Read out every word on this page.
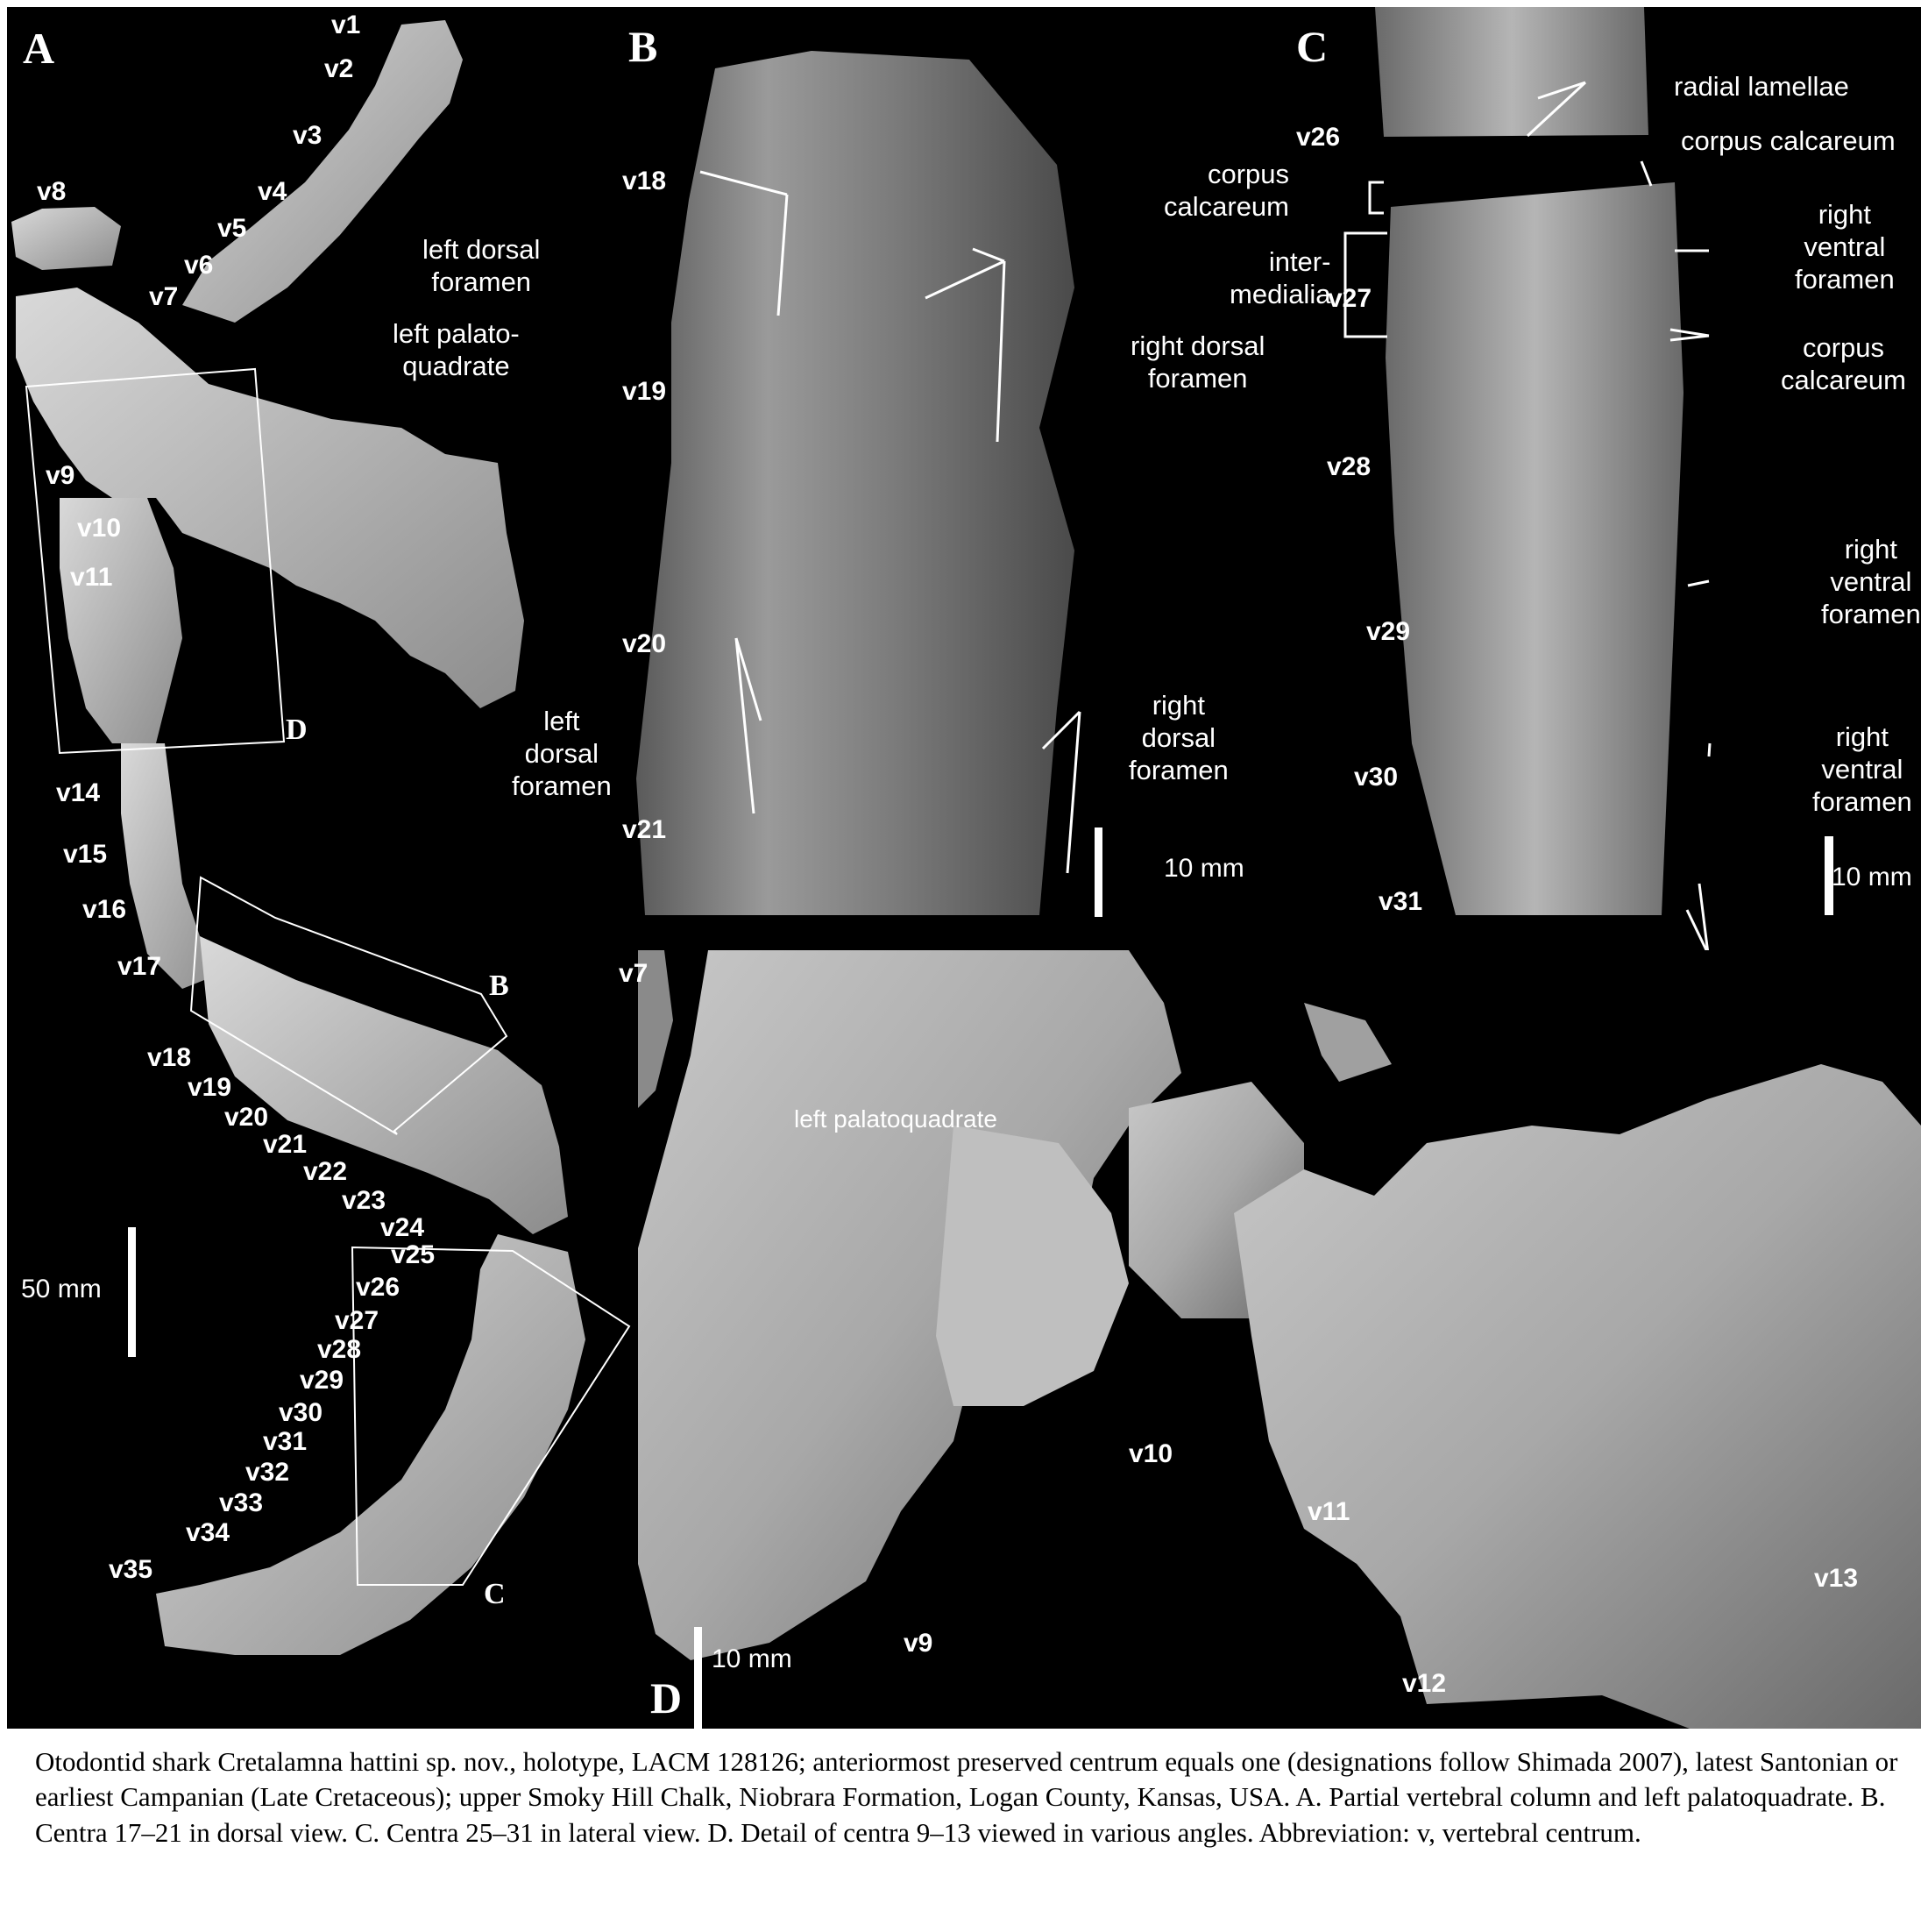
A	v1
v2
v3
v4
v5
v6
v7
v8
v9
v10
v11
v14
v15
v16
v17
v18
v19
v20
v21
v22
v23
v24
v25
v26
v27
v28
v29
v30
v31
v32
v33
v34
v35
left palato-
quadrate
50 mm
D
B
C
B
v18
v19
v20
v21
left dorsal
foramen
right dorsal
foramen
left
dorsal
foramen
right
dorsal
foramen
10 mm
C
v26
v27
v28
v29
v30
v31
radial lamellae
corpus calcareum
corpus
calcareum
inter-
medialia
right
ventral
foramen
corpus
calcareum
right
ventral
foramen
right
ventral
foramen
10 mm
D
v7
v9
v10
v11
v12
v13
left palatoquadrate
10 mm
Otodontid shark Cretalamna hattini sp. nov., holotype, LACM 128126; anteriormost preserved centrum equals one (designations follow Shimada 2007), latest Santonian or earliest Campanian (Late Cretaceous); upper Smoky Hill Chalk, Niobrara Formation, Logan County, Kansas, USA. A. Partial vertebral column and left palatoquadrate. B. Centra 17–21 in dorsal view. C. Centra 25–31 in lateral view. D. Detail of centra 9–13 viewed in various angles. Abbreviation: v, vertebral centrum.
